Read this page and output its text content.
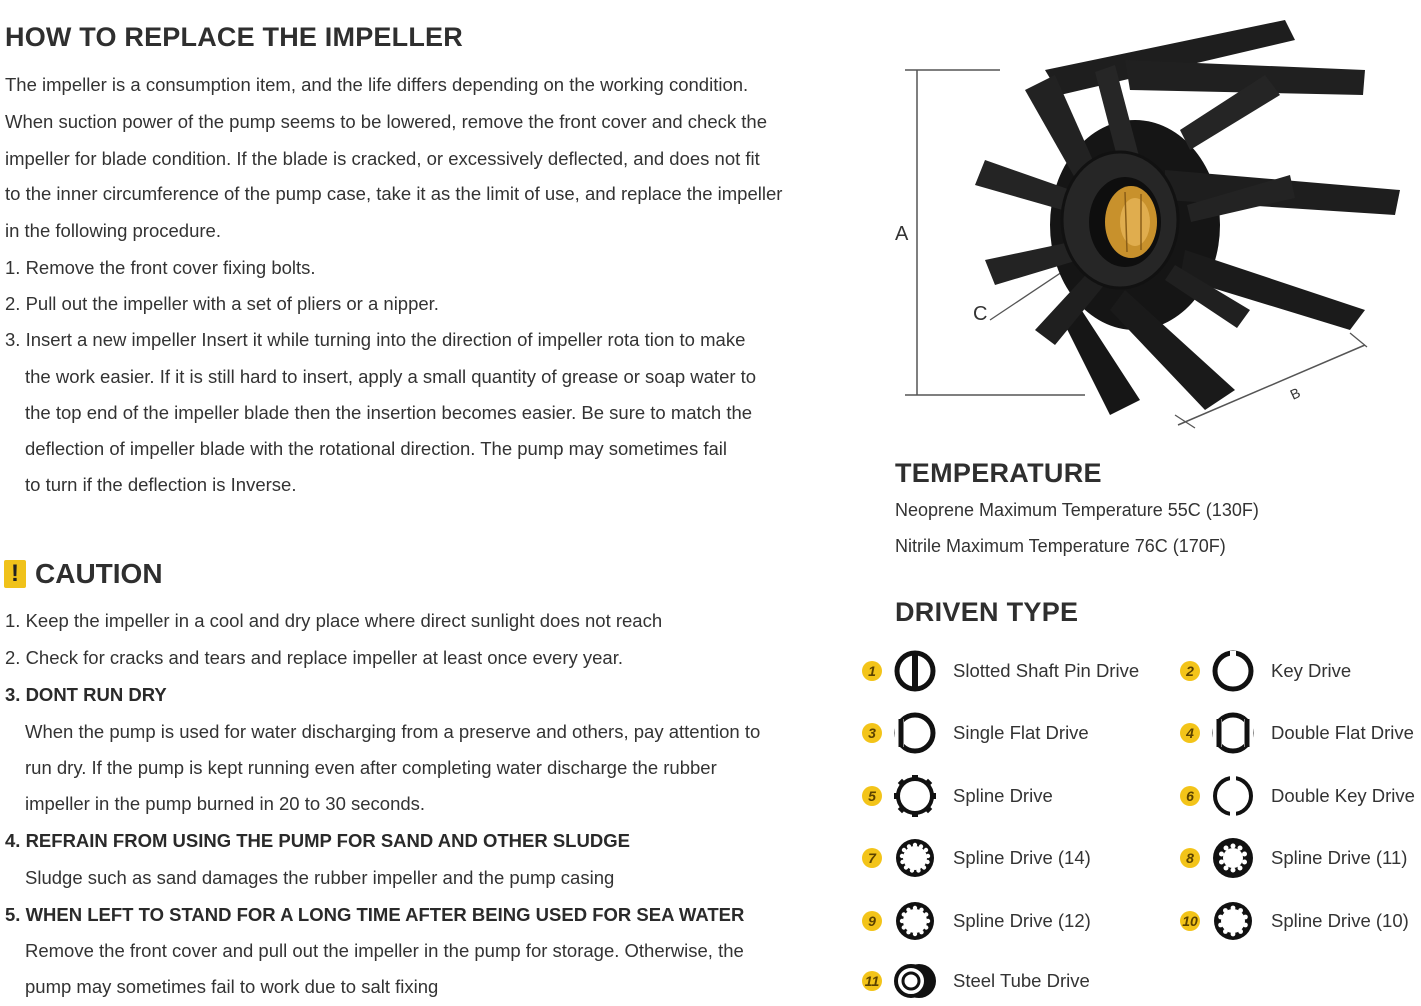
HOW TO REPLACE THE IMPELLER
The impeller is a consumption item, and the life differs depending on the working condition.
When suction power of the pump seems to be lowered, remove the front cover and check the
impeller for blade condition. If the blade is cracked, or excessively deflected, and does not fit
to the inner circumference of the pump case, take it as the limit of use, and replace the impeller
in the following procedure.
1. Remove the front cover fixing bolts.
2. Pull out the impeller with a set of pliers or a nipper.
3. Insert a new impeller Insert it while turning into the direction of impeller rota tion to make
the work easier. If it is still hard to insert, apply a small quantity of grease or soap water to
the top end of the impeller blade then the insertion becomes easier. Be sure to match the
deflection of impeller blade with the rotational direction. The pump may sometimes fail
to turn if the deflection is Inverse.
! CAUTION
1. Keep the impeller in a cool and dry place where direct sunlight does not reach
2. Check for cracks and tears and replace impeller at least once every year.
3. DONT RUN DRY
When the pump is used for water discharging from a preserve and others, pay attention to
run dry. If the pump is kept running even after completing water discharge the rubber
impeller in the pump burned in 20 to 30 seconds.
4. REFRAIN FROM USING THE PUMP FOR SAND AND OTHER SLUDGE
Sludge such as sand damages the rubber impeller and the pump casing
5. WHEN LEFT TO STAND FOR A LONG TIME AFTER BEING USED FOR SEA WATER
Remove the front cover and pull out the impeller in the pump for storage. Otherwise, the
pump may sometimes fail to work due to salt fixing
A
C
B
TEMPERATURE
Neoprene Maximum Temperature 55C (130F)
Nitrile Maximum Temperature 76C (170F)
DRIVEN TYPE
1	Slotted Shaft Pin Drive	2	Key Drive
3	Single Flat Drive	4	Double Flat Drive
5	Spline Drive	6	Double Key Drive
7	Spline Drive (14)	8	Spline Drive (11)
9	Spline Drive (12)	10	Spline Drive (10)
11	Steel Tube Drive
